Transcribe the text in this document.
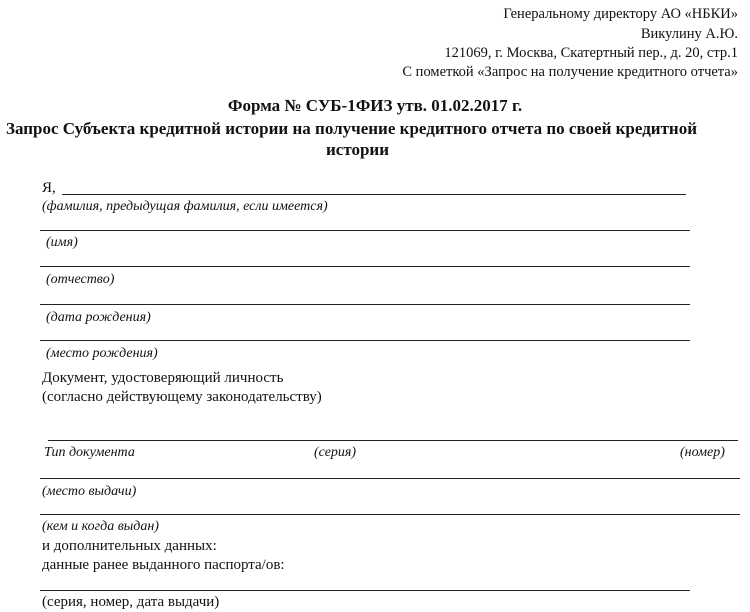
Генеральному директору АО «НБКИ»
Викулину А.Ю.
121069, г. Москва, Скатертный пер., д. 20, стр.1
С пометкой «Запрос на получение кредитного отчета»
Форма № СУБ-1ФИЗ утв. 01.02.2017 г.
Запрос Субъекта кредитной истории на получение кредитного отчета по своей кредитной
истории
Я,
(фамилия, предыдущая фамилия, если имеется)
(имя)
(отчество)
(дата рождения)
(место рождения)
Документ, удостоверяющий личность
(согласно действующему законодательству)
Тип документа	(серия)	(номер)
(место выдачи)
(кем и когда выдан)
и дополнительных данных:
данные ранее выданного паспорта/ов:
(серия, номер, дата выдачи)
